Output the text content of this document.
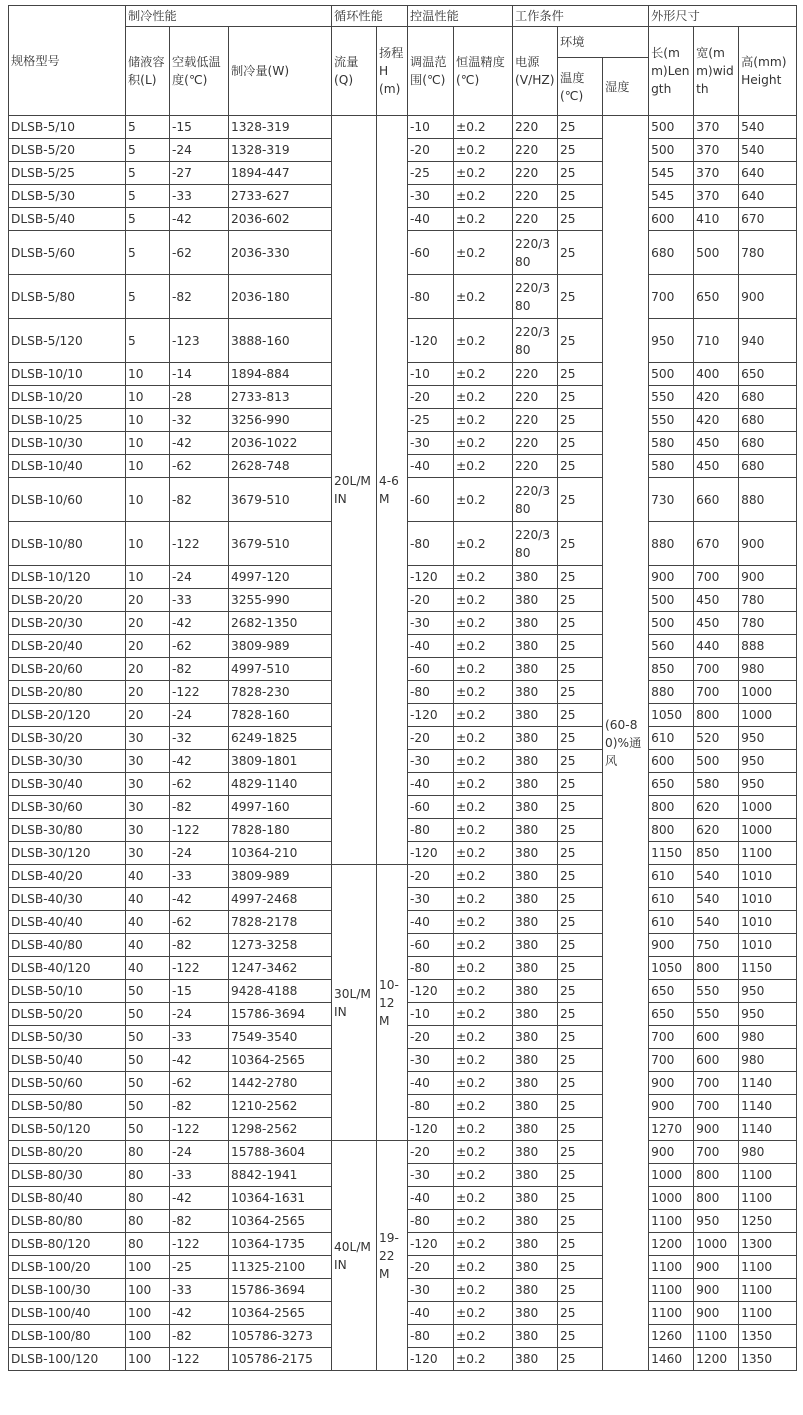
规格型号	制冷性能			循环性能		控温性能		工作条件			外形尺寸		
	储液容积(L)	空载低温度(℃)	制冷量(W)	流量(Q)	扬程H(m)	调温范围(℃)	恒温精度(℃)	电源(V/HZ)	环境		长(mm)Length	宽(mm)width	高(mm)Height
									温度(℃)	湿度			
DLSB-5/10	5	-15	1328-319	20L/MIN	4-6M	-10	±0.2	220	25	(60-80)%通风	500	370	540
DLSB-5/20	5	-24	1328-319			-20	±0.2	220	25		500	370	540
DLSB-5/25	5	-27	1894-447			-25	±0.2	220	25		545	370	640
DLSB-5/30	5	-33	2733-627			-30	±0.2	220	25		545	370	640
DLSB-5/40	5	-42	2036-602			-40	±0.2	220	25		600	410	670
DLSB-5/60	5	-62	2036-330			-60	±0.2	220/380	25		680	500	780
DLSB-5/80	5	-82	2036-180			-80	±0.2	220/380	25		700	650	900
DLSB-5/120	5	-123	3888-160			-120	±0.2	220/380	25		950	710	940
DLSB-10/10	10	-14	1894-884			-10	±0.2	220	25		500	400	650
DLSB-10/20	10	-28	2733-813			-20	±0.2	220	25		550	420	680
DLSB-10/25	10	-32	3256-990			-25	±0.2	220	25		550	420	680
DLSB-10/30	10	-42	2036-1022			-30	±0.2	220	25		580	450	680
DLSB-10/40	10	-62	2628-748			-40	±0.2	220	25		580	450	680
DLSB-10/60	10	-82	3679-510			-60	±0.2	220/380	25		730	660	880
DLSB-10/80	10	-122	3679-510			-80	±0.2	220/380	25		880	670	900
DLSB-10/120	10	-24	4997-120			-120	±0.2	380	25		900	700	900
DLSB-20/20	20	-33	3255-990			-20	±0.2	380	25		500	450	780
DLSB-20/30	20	-42	2682-1350			-30	±0.2	380	25		500	450	780
DLSB-20/40	20	-62	3809-989			-40	±0.2	380	25		560	440	888
DLSB-20/60	20	-82	4997-510			-60	±0.2	380	25		850	700	980
DLSB-20/80	20	-122	7828-230			-80	±0.2	380	25		880	700	1000
DLSB-20/120	20	-24	7828-160			-120	±0.2	380	25		1050	800	1000
DLSB-30/20	30	-32	6249-1825			-20	±0.2	380	25		610	520	950
DLSB-30/30	30	-42	3809-1801			-30	±0.2	380	25		600	500	950
DLSB-30/40	30	-62	4829-1140			-40	±0.2	380	25		650	580	950
DLSB-30/60	30	-82	4997-160			-60	±0.2	380	25		800	620	1000
DLSB-30/80	30	-122	7828-180			-80	±0.2	380	25		800	620	1000
DLSB-30/120	30	-24	10364-210			-120	±0.2	380	25		1150	850	1100
DLSB-40/20	40	-33	3809-989	30L/MIN	10-12M	-20	±0.2	380	25		610	540	1010
DLSB-40/30	40	-42	4997-2468			-30	±0.2	380	25		610	540	1010
DLSB-40/40	40	-62	7828-2178			-40	±0.2	380	25		610	540	1010
DLSB-40/80	40	-82	1273-3258			-60	±0.2	380	25		900	750	1010
DLSB-40/120	40	-122	1247-3462			-80	±0.2	380	25		1050	800	1150
DLSB-50/10	50	-15	9428-4188			-120	±0.2	380	25		650	550	950
DLSB-50/20	50	-24	15786-3694			-10	±0.2	380	25		650	550	950
DLSB-50/30	50	-33	7549-3540			-20	±0.2	380	25		700	600	980
DLSB-50/40	50	-42	10364-2565			-30	±0.2	380	25		700	600	980
DLSB-50/60	50	-62	1442-2780			-40	±0.2	380	25		900	700	1140
DLSB-50/80	50	-82	1210-2562			-80	±0.2	380	25		900	700	1140
DLSB-50/120	50	-122	1298-2562			-120	±0.2	380	25		1270	900	1140
DLSB-80/20	80	-24	15788-3604	40L/MIN	19-22M	-20	±0.2	380	25		900	700	980
DLSB-80/30	80	-33	8842-1941			-30	±0.2	380	25		1000	800	1100
DLSB-80/40	80	-42	10364-1631			-40	±0.2	380	25		1000	800	1100
DLSB-80/80	80	-82	10364-2565			-80	±0.2	380	25		1100	950	1250
DLSB-80/120	80	-122	10364-1735			-120	±0.2	380	25		1200	1000	1300
DLSB-100/20	100	-25	11325-2100			-20	±0.2	380	25		1100	900	1100
DLSB-100/30	100	-33	15786-3694			-30	±0.2	380	25		1100	900	1100
DLSB-100/40	100	-42	10364-2565			-40	±0.2	380	25		1100	900	1100
DLSB-100/80	100	-82	105786-3273			-80	±0.2	380	25		1260	1100	1350
DLSB-100/120	100	-122	105786-2175			-120	±0.2	380	25		1460	1200	1350
